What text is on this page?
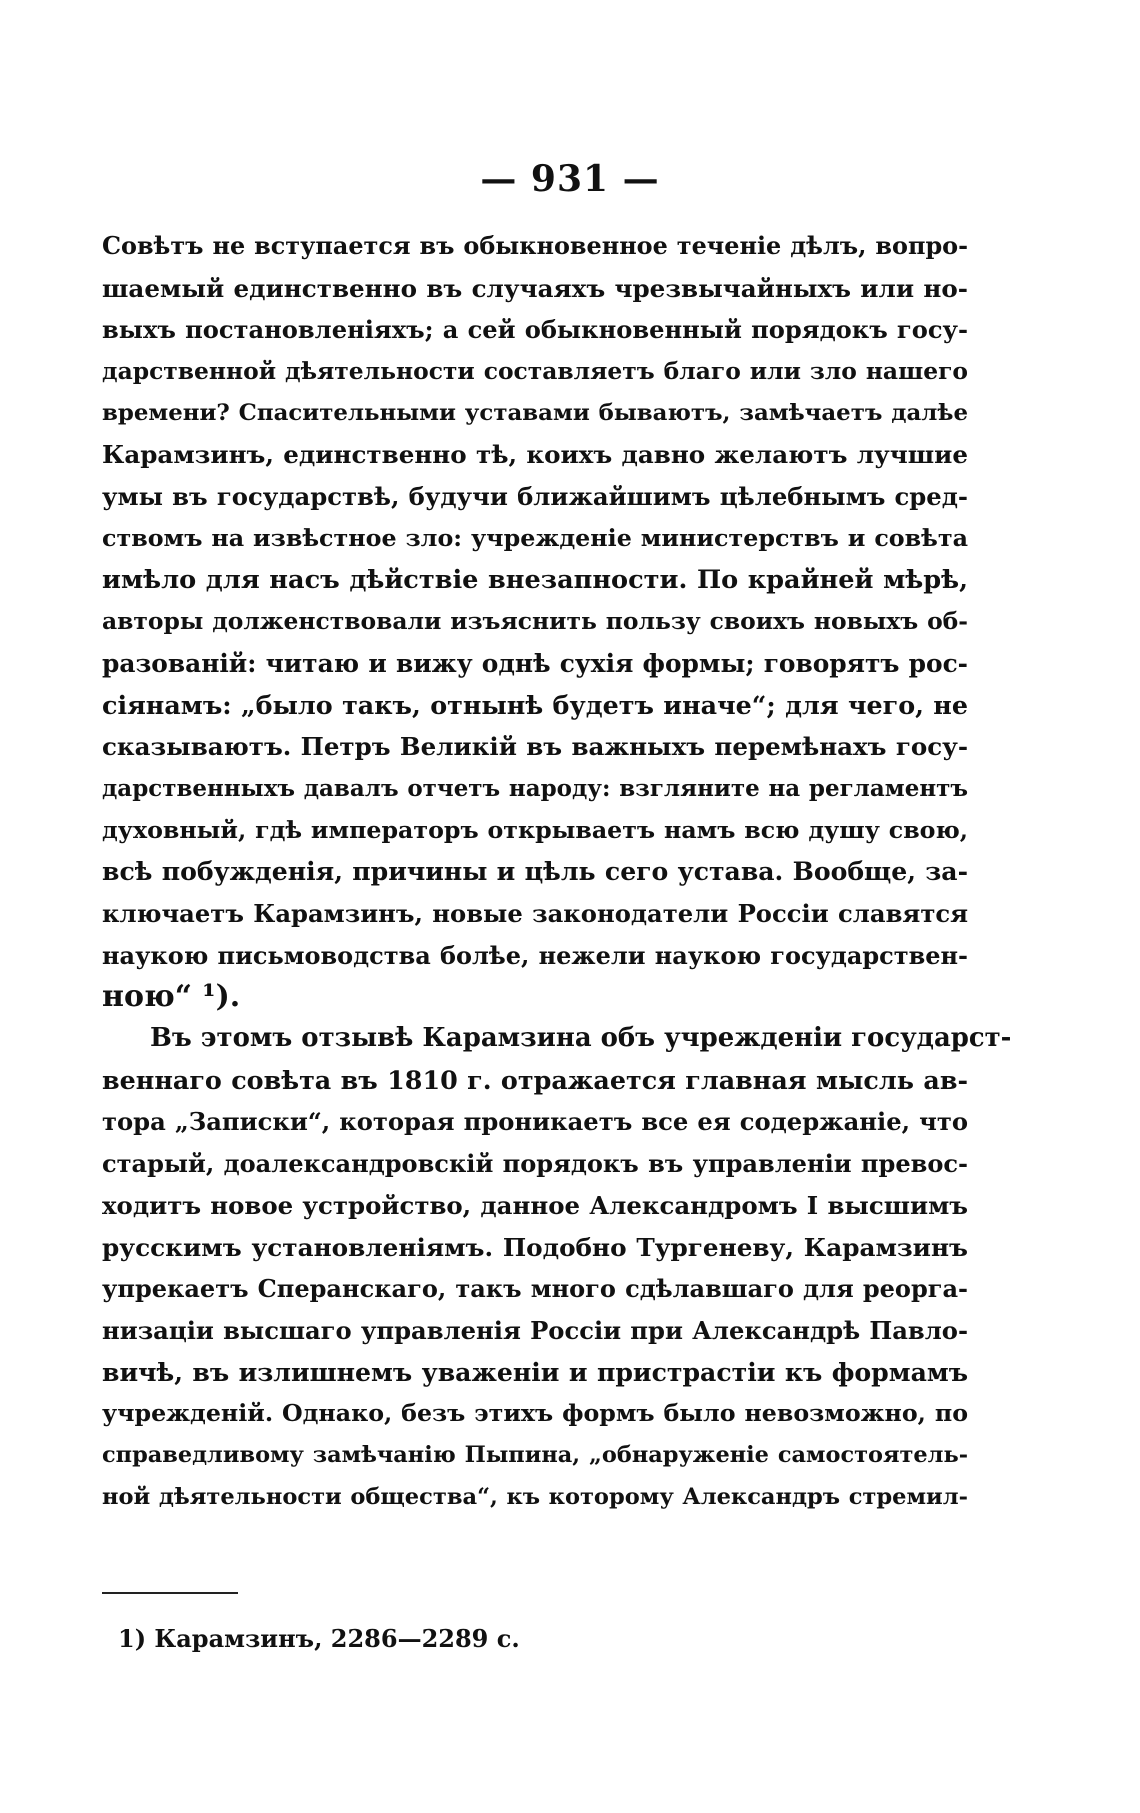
— 931 —
Совѣтъ не вступается въ обыкновенное теченіе дѣлъ, вопро-
шаемый единственно въ случаяхъ чрезвычайныхъ или но-
выхъ постановленіяхъ; а сей обыкновенный порядокъ госу-
дарственной дѣятельности составляетъ благо или зло нашего
времени? Спасительными уставами бываютъ, замѣчаетъ далѣе
Карамзинъ, единственно тѣ, коихъ давно желаютъ лучшие
умы въ государствѣ, будучи ближайшимъ цѣлебнымъ сред-
ствомъ на извѣстное зло: учрежденіе министерствъ и совѣта
имѣло для насъ дѣйствіе внезапности. По крайней мѣрѣ,
авторы долженствовали изъяснить пользу своихъ новыхъ об-
разованій: читаю и вижу однѣ сухія формы; говорятъ рос-
сіянамъ: „было такъ, отнынѣ будетъ иначе“; для чего, не
сказываютъ. Петръ Великій въ важныхъ перемѣнахъ госу-
дарственныхъ давалъ отчетъ народу: взгляните на регламентъ
духовный, гдѣ императоръ открываетъ намъ всю душу свою,
всѣ побужденія, причины и цѣль сего устава. Вообще, за-
ключаетъ Карамзинъ, новые законодатели Россіи славятся
наукою письмоводства болѣе, нежели наукою государствен-
ною“ ¹).
Въ этомъ отзывѣ Карамзина объ учрежденіи государст-
веннаго совѣта въ 1810 г. отражается главная мысль ав-
тора „Записки“, которая проникаетъ все ея содержаніе, что
старый, доалександровскій порядокъ въ управленіи превос-
ходитъ новое устройство, данное Александромъ I высшимъ
русскимъ установленіямъ. Подобно Тургеневу, Карамзинъ
упрекаетъ Сперанскаго, такъ много сдѣлавшаго для реорга-
низаціи высшаго управленія Россіи при Александрѣ Павло-
вичѣ, въ излишнемъ уваженіи и пристрастіи къ формамъ
учрежденій. Однако, безъ этихъ формъ было невозможно, по
справедливому замѣчанію Пыпина, „обнаруженіе самостоятель-
ной дѣятельности общества“, къ которому Александръ стремил-
1) Карамзинъ, 2286—2289 с.
